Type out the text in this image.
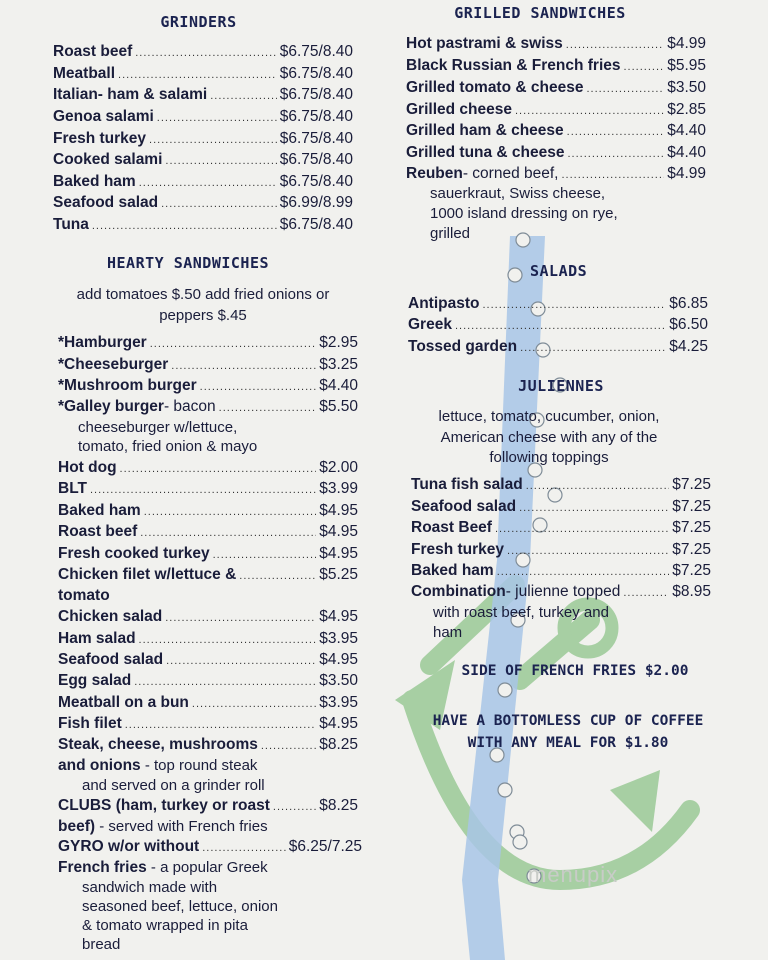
GRINDERS
Roast beef .....	$6.75/8.40
Meatball .....	$6.75/8.40
Italian- ham & salami .....	$6.75/8.40
Genoa salami .....	$6.75/8.40
Fresh turkey .....	$6.75/8.40
Cooked salami .....	$6.75/8.40
Baked ham .....	$6.75/8.40
Seafood salad .....	$6.99/8.99
Tuna .....	$6.75/8.40
HEARTY SANDWICHES
add tomatoes $.50 add fried onions or
peppers $.45
*Hamburger .....	$2.95
*Cheeseburger .....	$3.25
*Mushroom burger .....	$4.40
*Galley burger - bacon .....	$5.50
cheeseburger w/lettuce,
tomato, fried onion & mayo
Hot dog .....	$2.00
BLT .....	$3.99
Baked ham .....	$4.95
Roast beef .....	$4.95
Fresh cooked turkey .....	$4.95
Chicken filet w/lettuce & .....	$5.25
tomato
Chicken salad .....	$4.95
Ham salad .....	$3.95
Seafood salad .....	$4.95
Egg salad .....	$3.50
Meatball on a bun .....	$3.95
Fish filet .....	$4.95
Steak, cheese, mushrooms .....	$8.25
and onions - top round steak
and served on a grinder roll
CLUBS (ham, turkey or roast .....	$8.25
beef) - served with French fries
GYRO w/or without .....	$6.25/7.25
French fries - a popular Greek
sandwich made with
seasoned beef, lettuce, onion
& tomato wrapped in pita
bread
GRILLED SANDWICHES
Hot pastrami & swiss .....	$4.99
Black Russian & French fries .....	$5.95
Grilled tomato & cheese .....	$3.50
Grilled cheese .....	$2.85
Grilled ham & cheese .....	$4.40
Grilled tuna & cheese .....	$4.40
Reuben - corned beef, .....	$4.99
sauerkraut, Swiss cheese,
1000 island dressing on rye,
grilled
SALADS
Antipasto .....	$6.85
Greek .....	$6.50
Tossed garden .....	$4.25
JULIENNES
lettuce, tomato, cucumber, onion,
American cheese with any of the
following toppings
Tuna fish salad .....	$7.25
Seafood salad .....	$7.25
Roast Beef .....	$7.25
Fresh turkey .....	$7.25
Baked ham .....	$7.25
Combination - julienne topped .....	$8.95
with roast beef, turkey and
ham
SIDE OF FRENCH FRIES $2.00
HAVE A BOTTOMLESS CUP OF COFFEE
WITH ANY MEAL FOR $1.80
menupix
